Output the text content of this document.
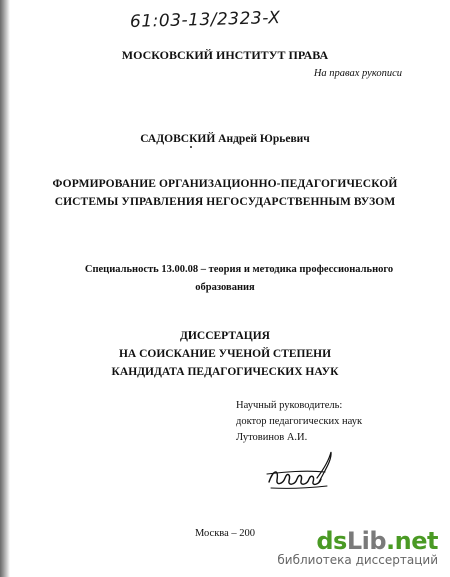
61:03-13/2323-X
МОСКОВСКИЙ ИНСТИТУТ ПРАВА
На правах рукописи
САДОВСКИЙ Андрей Юрьевич
ФОРМИРОВАНИЕ ОРГАНИЗАЦИОННО-ПЕДАГОГИЧЕСКОЙ
СИСТЕМЫ УПРАВЛЕНИЯ НЕГОСУДАРСТВЕННЫМ ВУЗОМ
Специальность 13.00.08 – теория и методика профессионального
образования
ДИССЕРТАЦИЯ
НА СОИСКАНИЕ УЧЕНОЙ СТЕПЕНИ
КАНДИДАТА ПЕДАГОГИЧЕСКИХ НАУК
Научный руководитель:
доктор педагогических наук
Лутовинов А.И.
Москва – 200	dsLib.net
библиотека диссертаций
